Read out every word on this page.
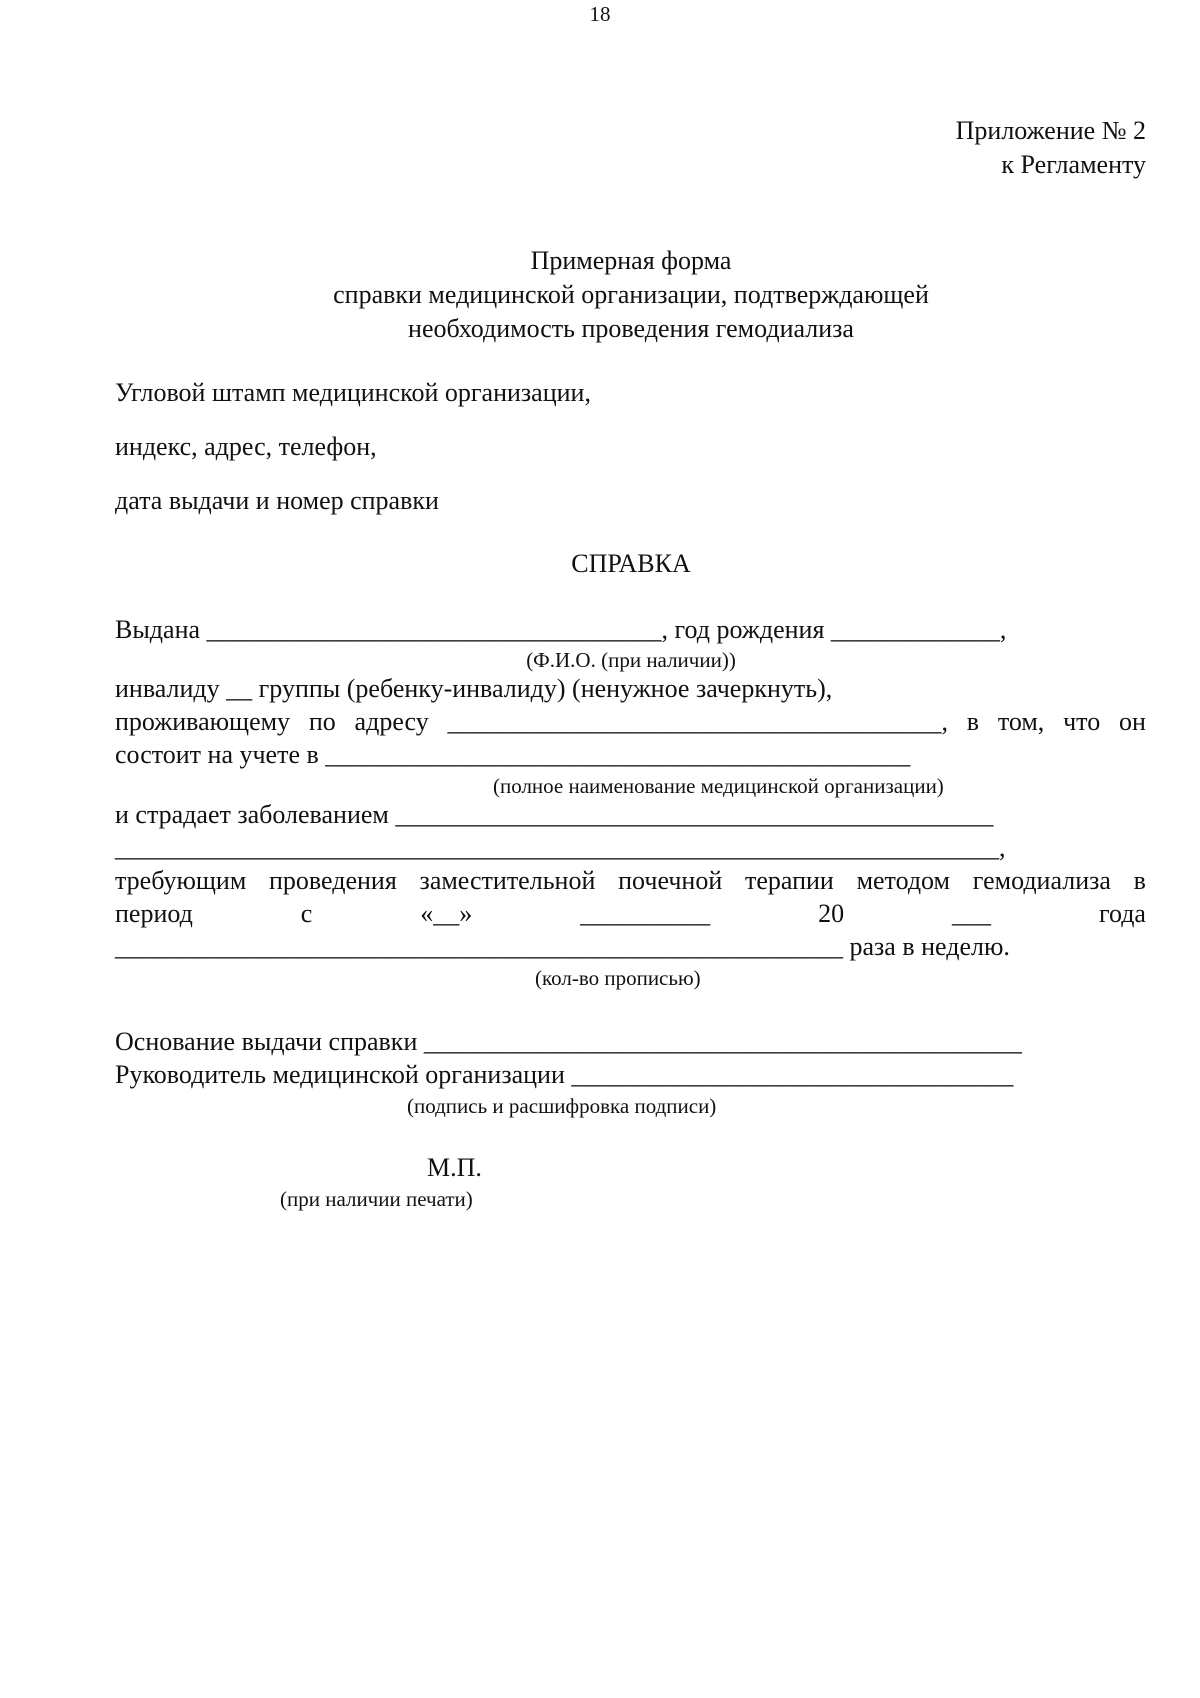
18
Приложение № 2
к Регламенту
Примерная форма
справки медицинской организации, подтверждающей
необходимость проведения гемодиализа
Угловой штамп медицинской организации,
индекс, адрес, телефон,
дата выдачи и номер справки
СПРАВКА
Выдана ___________________________________, год рождения _____________,
(Ф.И.О. (при наличии))
инвалиду __ группы (ребенку-инвалиду) (ненужное зачеркнуть),
проживающему по адресу ______________________________________, в том, что он
состоит на учете в _____________________________________________
(полное наименование медицинской организации)
и страдает заболеванием ______________________________________________
____________________________________________________________________,
требующим проведения заместительной почечной терапии методом гемодиализа в
период	с	«__»	__________	20	___	года
________________________________________________________ раза в неделю.
(кол-во прописью)
Основание выдачи справки ______________________________________________
Руководитель медицинской организации __________________________________
(подпись и расшифровка подписи)
М.П.
(при наличии печати)
